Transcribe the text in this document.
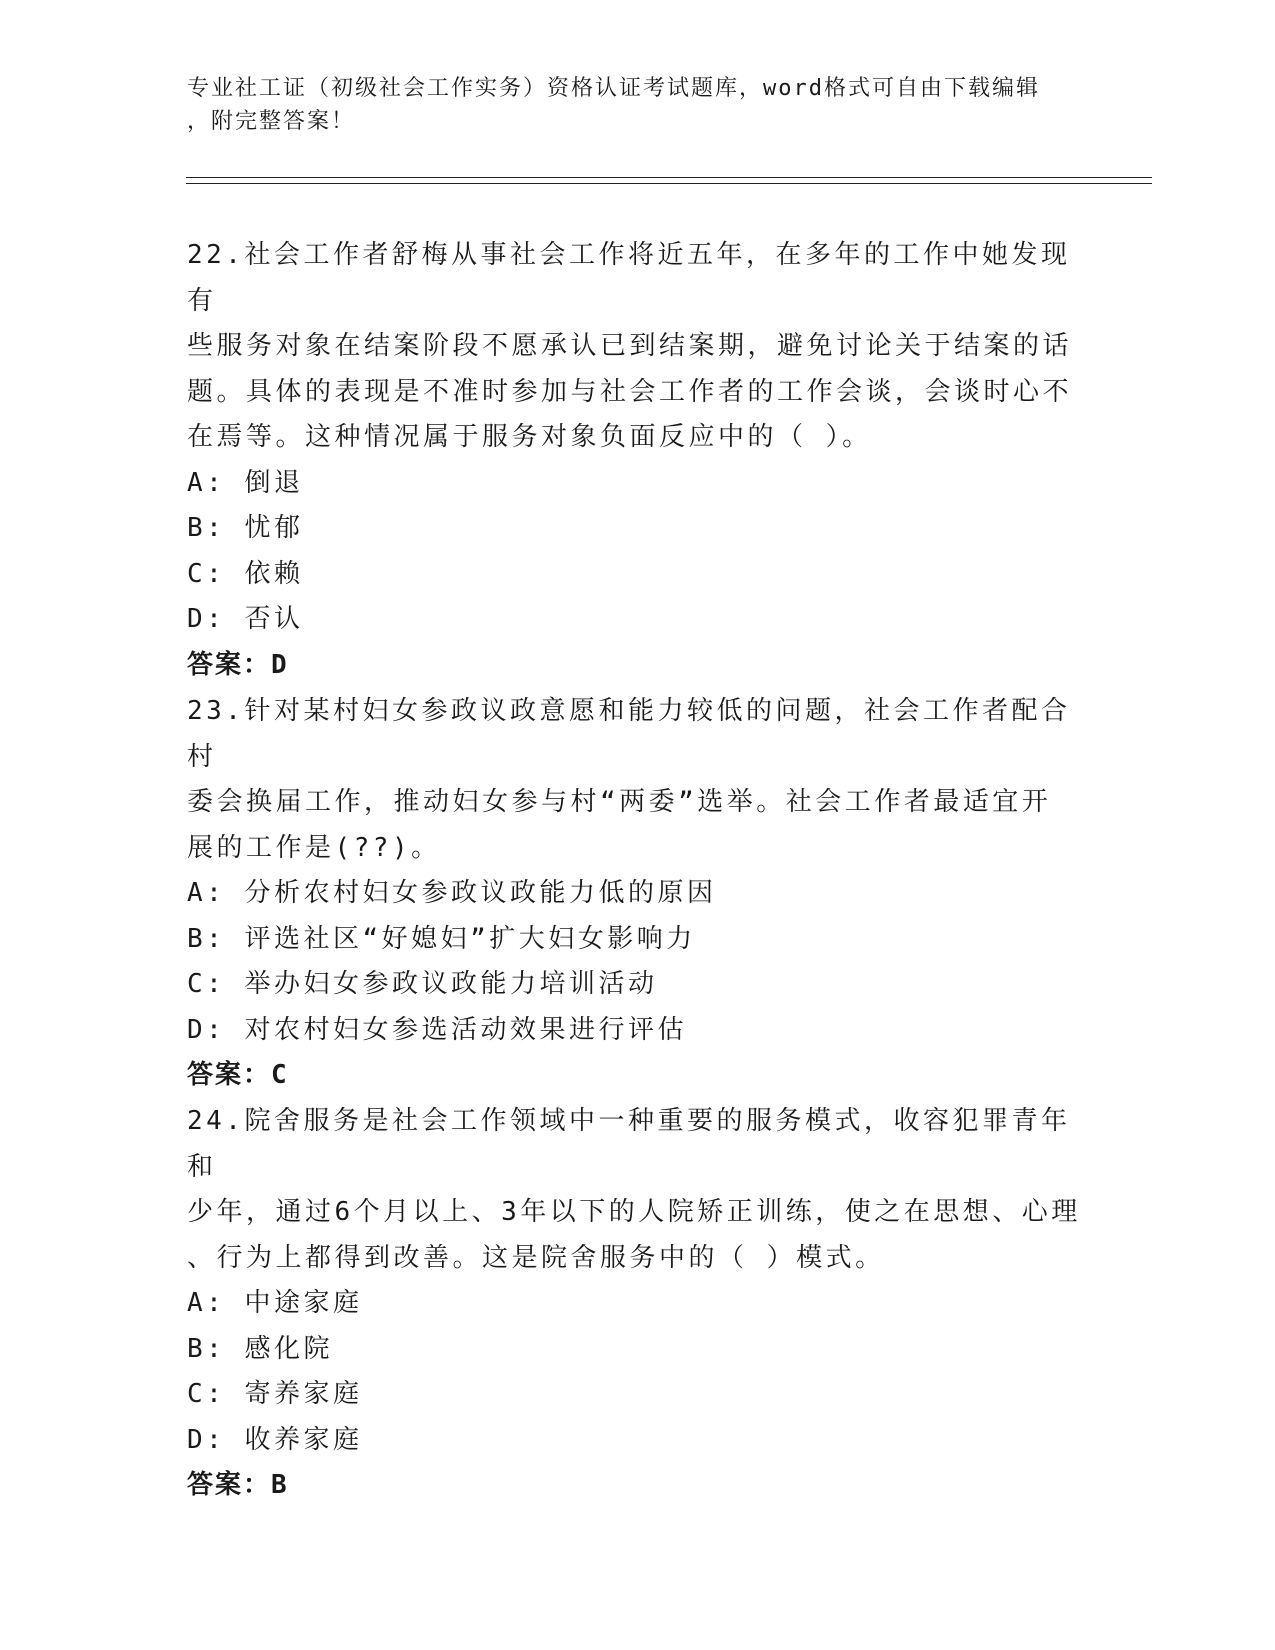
专业社工证（初级社会工作实务）资格认证考试题库，word格式可自由下载编辑
，附完整答案！

22.社会工作者舒梅从事社会工作将近五年，在多年的工作中她发现有

些服务对象在结案阶段不愿承认已到结案期，避免讨论关于结案的话

题。具体的表现是不准时参加与社会工作者的工作会谈，会谈时心不

在焉等。这种情况属于服务对象负面反应中的（ ）。

A: 倒退

B: 忧郁

C: 依赖

D: 否认

答案：D

23.针对某村妇女参政议政意愿和能力较低的问题，社会工作者配合村

委会换届工作，推动妇女参与村“两委”选举。社会工作者最适宜开

展的工作是(??)。

A: 分析农村妇女参政议政能力低的原因

B: 评选社区“好媳妇”扩大妇女影响力

C: 举办妇女参政议政能力培训活动

D: 对农村妇女参选活动效果进行评估

答案：C

24.院舍服务是社会工作领域中一种重要的服务模式，收容犯罪青年和

少年，通过6个月以上、3年以下的人院矫正训练，使之在思想、心理

、行为上都得到改善。这是院舍服务中的（ ）模式。

A: 中途家庭

B: 感化院

C: 寄养家庭

D: 收养家庭

答案：B
